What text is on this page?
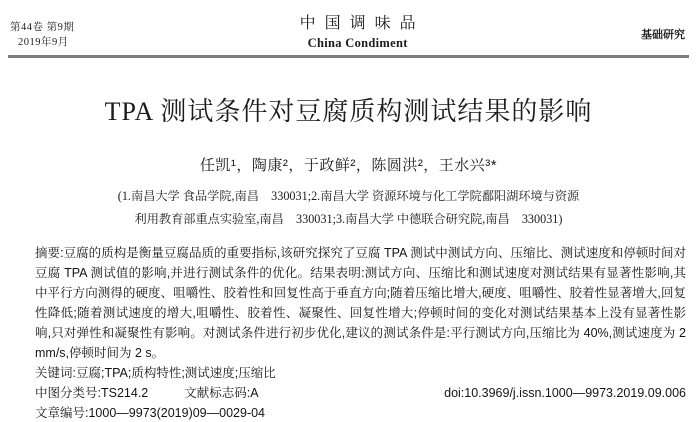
第44卷 第9期
2019年9月
中国调味品
China Condiment
基础研究
TPA 测试条件对豆腐质构测试结果的影响
任凯¹，陶康²，于政鲜²，陈圆洪²，王水兴³*
(1.南昌大学 食品学院,南昌　330031;2.南昌大学 资源环境与化工学院鄱阳湖环境与资源
利用教育部重点实验室,南昌　330031;3.南昌大学 中德联合研究院,南昌　330031)

摘要:豆腐的质构是衡量豆腐品质的重要指标,该研究探究了豆腐 TPA 测试中测试方向、压缩比、测试速度和停顿时间对豆腐 TPA 测试值的影响,并进行测试条件的优化。结果表明:测试方向、压缩比和测试速度对测试结果有显著性影响,其中平行方向测得的硬度、咀嚼性、胶着性和回复性高于垂直方向;随着压缩比增大,硬度、咀嚼性、胶着性显著增大,回复性降低;随着测试速度的增大,咀嚼性、胶着性、凝聚性、回复性增大;停顿时间的变化对测试结果基本上没有显著性影响,只对弹性和凝聚性有影响。对测试条件进行初步优化,建议的测试条件是:平行测试方向,压缩比为 40%,测试速度为 2 mm/s,停顿时间为 2 s。

关键词:豆腐;TPA;质构特性;测试速度;压缩比

中图分类号:TS214.2	文献标志码:A	doi:10.3969/j.issn.1000—9973.2019.09.006
文章编号:1000—9973(2019)09—0029-04
